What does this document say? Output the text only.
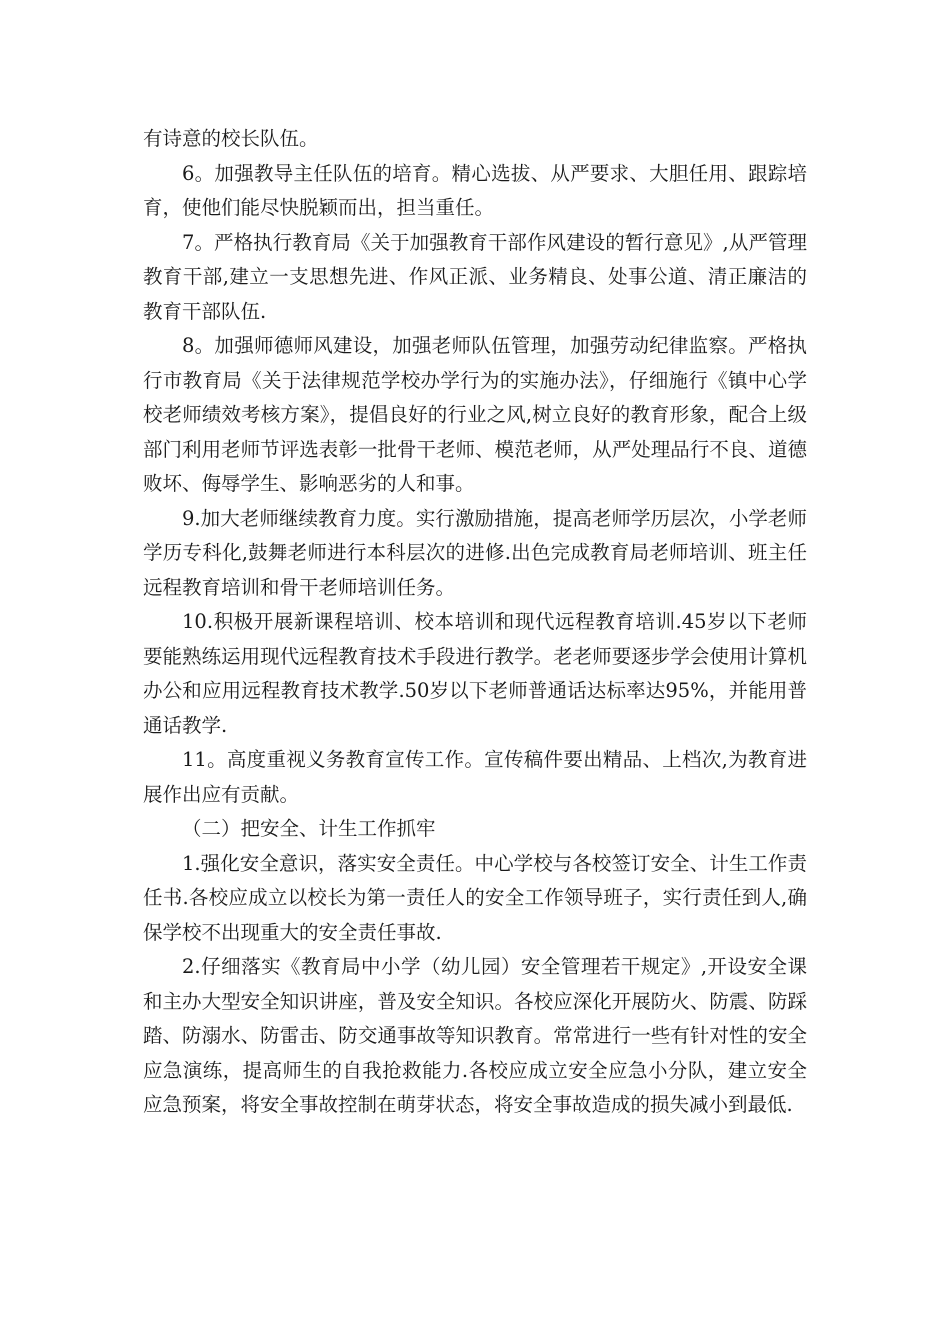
有诗意的校长队伍。

6。加强教导主任队伍的培育。精心选拔、从严要求、大胆任用、跟踪培育，使他们能尽快脱颖而出，担当重任。

7。严格执行教育局《关于加强教育干部作风建设的暂行意见》,从严管理教育干部,建立一支思想先进、作风正派、业务精良、处事公道、清正廉洁的教育干部队伍.

8。加强师德师风建设，加强老师队伍管理，加强劳动纪律监察。严格执行市教育局《关于法律规范学校办学行为的实施办法》，仔细施行《镇中心学校老师绩效考核方案》，提倡良好的行业之风,树立良好的教育形象，配合上级部门利用老师节评选表彰一批骨干老师、模范老师，从严处理品行不良、道德败坏、侮辱学生、影响恶劣的人和事。

9.加大老师继续教育力度。实行激励措施，提高老师学历层次，小学老师学历专科化,鼓舞老师进行本科层次的进修.出色完成教育局老师培训、班主任远程教育培训和骨干老师培训任务。

10.积极开展新课程培训、校本培训和现代远程教育培训.45岁以下老师要能熟练运用现代远程教育技术手段进行教学。老老师要逐步学会使用计算机办公和应用远程教育技术教学.50岁以下老师普通话达标率达95%，并能用普通话教学.

11。高度重视义务教育宣传工作。宣传稿件要出精品、上档次,为教育进展作出应有贡献。

（二）把安全、计生工作抓牢

1.强化安全意识，落实安全责任。中心学校与各校签订安全、计生工作责任书.各校应成立以校长为第一责任人的安全工作领导班子，实行责任到人,确保学校不出现重大的安全责任事故.

2.仔细落实《教育局中小学（幼儿园）安全管理若干规定》,开设安全课和主办大型安全知识讲座，普及安全知识。各校应深化开展防火、防震、防踩踏、防溺水、防雷击、防交通事故等知识教育。常常进行一些有针对性的安全应急演练，提高师生的自我抢救能力.各校应成立安全应急小分队，建立安全应急预案，将安全事故控制在萌芽状态，将安全事故造成的损失减小到最低.
